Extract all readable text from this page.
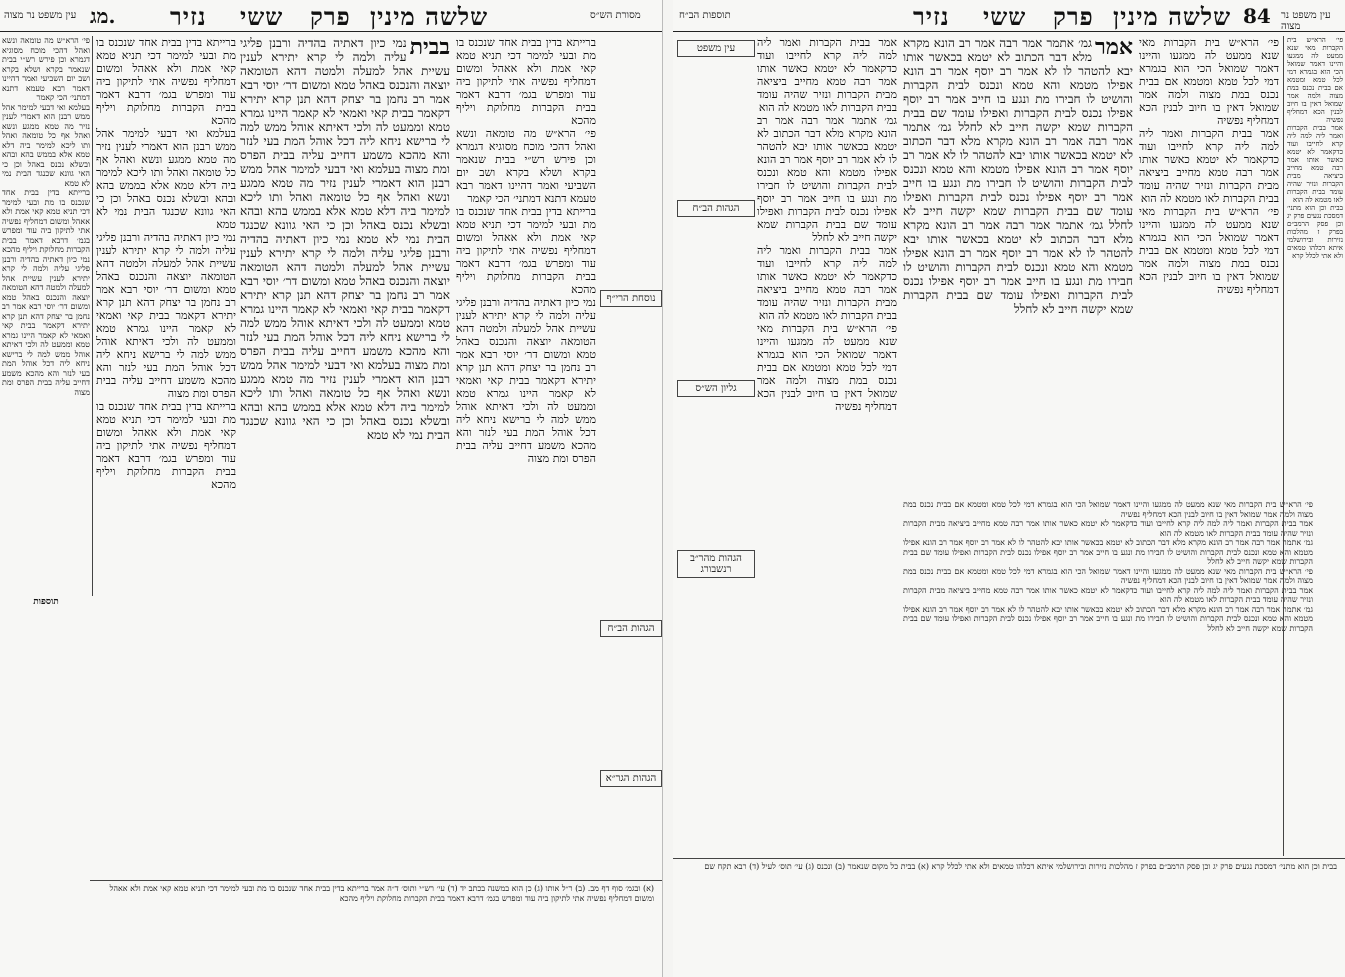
עין משפט נר מצוה מג. נזיר ששי פרק שלשה מינין	מסורת הש״ס
פי׳ הרא״ש מה טומאה ונשא ואהל דהכי מוכח מסוגיא דגמרא וכן פירש רש״י בבית שנאמר בקרא ושלא בקרא ושב יום השביעי ואמר דהיינו דאמר רבא טעמא דתנא דמתני׳ הכי קאמר
בעלמא ואי דבעי למימר אהל ממש רבנן הוא דאמרי לענין נזיר מה טמא ממגע ונשא ואהל אף כל טומאה ואהל ותו ליכא למימר ביה דלא טמא אלא בממש בהא ובהא ובשלא נכנס באהל וכן כי האי גוונא שכנגד הבית נמי לא טמא
ברייתא בדין בבית אחד שנכנס בו מת ובעי למימר דכי תניא טמא קאי אמת ולא אאהל ומשום דמחליף נפשיה אתי לתיקון ביה עוד ומפרש בגמ׳ דרבא דאמר בבית הקברות מחלוקת ויליף מהכא
נמי כיון דאתיה בהדיה ורבנן פליגי עליה ולמה לי קרא יתירא לענין עשיית אהל למעלה ולמטה דהא הטומאה יוצאה והנכנס באהל טמא ומשום דר׳ יוסי רבא אמר רב נחמן בר יצחק דהא תנן קרא יתירא דקאמר בבית קאי ואמאי לא קאמר היינו גמרא טמא וממעט לה ולכי דאיתא אוהל ממש למה לי ברישא ניחא ליה דכל אוהל המת בעי לנזר והא מהכא משמע דחייב עליה בבית הפרס ומת מצוה
ברייתא בדין בבית אחד שנכנס בו מת ובעי למימר דכי תניא טמא קאי אמת ולא אאהל ומשום דמחליף נפשיה אתי לתיקון ביה עוד ומפרש בגמ׳ דרבא דאמר בבית הקברות מחלוקת ויליף מהכא
בעלמא ואי דבעי למימר אהל ממש רבנן הוא דאמרי לענין נזיר מה טמא ממגע ונשא ואהל אף כל טומאה ואהל ותו ליכא למימר ביה דלא טמא אלא בממש בהא ובהא ובשלא נכנס באהל וכן כי האי גוונא שכנגד הבית נמי לא טמא
נמי כיון דאתיה בהדיה ורבנן פליגי עליה ולמה לי קרא יתירא לענין עשיית אהל למעלה ולמטה דהא הטומאה יוצאה והנכנס באהל טמא ומשום דר׳ יוסי רבא אמר רב נחמן בר יצחק דהא תנן קרא יתירא דקאמר בבית קאי ואמאי לא קאמר היינו גמרא טמא וממעט לה ולכי דאיתא אוהל ממש למה לי ברישא ניחא ליה דכל אוהל המת בעי לנזר והא מהכא משמע דחייב עליה בבית הפרס ומת מצוה
ברייתא בדין בבית אחד שנכנס בו מת ובעי למימר דכי תניא טמא קאי אמת ולא אאהל ומשום דמחליף נפשיה אתי לתיקון ביה עוד ומפרש בגמ׳ דרבא דאמר בבית הקברות מחלוקת ויליף מהכא
בבית
נמי כיון דאתיה בהדיה ורבנן פליגי עליה ולמה לי קרא יתירא לענין עשיית אהל למעלה ולמטה דהא הטומאה יוצאה והנכנס באהל טמא ומשום דר׳ יוסי רבא אמר רב נחמן בר יצחק דהא תנן קרא יתירא דקאמר בבית קאי ואמאי לא קאמר היינו גמרא טמא וממעט לה ולכי דאיתא אוהל ממש למה לי ברישא ניחא ליה דכל אוהל המת בעי לנזר והא מהכא משמע דחייב עליה בבית הפרס ומת מצוה בעלמא ואי דבעי למימר אהל ממש רבנן הוא דאמרי לענין נזיר מה טמא ממגע ונשא ואהל אף כל טומאה ואהל ותו ליכא למימר ביה דלא טמא אלא בממש בהא ובהא ובשלא נכנס באהל וכן כי האי גוונא שכנגד הבית נמי לא טמא נמי כיון דאתיה בהדיה ורבנן פליגי עליה ולמה לי קרא יתירא לענין עשיית אהל למעלה ולמטה דהא הטומאה יוצאה והנכנס באהל טמא ומשום דר׳ יוסי רבא אמר רב נחמן בר יצחק דהא תנן קרא יתירא דקאמר בבית קאי ואמאי לא קאמר היינו גמרא טמא וממעט לה ולכי דאיתא אוהל ממש למה לי ברישא ניחא ליה דכל אוהל המת בעי לנזר והא מהכא משמע דחייב עליה בבית הפרס ומת מצוה בעלמא ואי דבעי למימר אהל ממש רבנן הוא דאמרי לענין נזיר מה טמא ממגע ונשא ואהל אף כל טומאה ואהל ותו ליכא למימר ביה דלא טמא אלא בממש בהא ובהא ובשלא נכנס באהל וכן כי האי גוונא שכנגד הבית נמי לא טמא
ברייתא בדין בבית אחד שנכנס בו מת ובעי למימר דכי תניא טמא קאי אמת ולא אאהל ומשום דמחליף נפשיה אתי לתיקון ביה עוד ומפרש בגמ׳ דרבא דאמר בבית הקברות מחלוקת ויליף מהכא
פי׳ הרא״ש מה טומאה ונשא ואהל דהכי מוכח מסוגיא דגמרא וכן פירש רש״י בבית שנאמר בקרא ושלא בקרא ושב יום השביעי ואמר דהיינו דאמר רבא טעמא דתנא דמתני׳ הכי קאמר
ברייתא בדין בבית אחד שנכנס בו מת ובעי למימר דכי תניא טמא קאי אמת ולא אאהל ומשום דמחליף נפשיה אתי לתיקון ביה עוד ומפרש בגמ׳ דרבא דאמר בבית הקברות מחלוקת ויליף מהכא
נמי כיון דאתיה בהדיה ורבנן פליגי עליה ולמה לי קרא יתירא לענין עשיית אהל למעלה ולמטה דהא הטומאה יוצאה והנכנס באהל טמא ומשום דר׳ יוסי רבא אמר רב נחמן בר יצחק דהא תנן קרא יתירא דקאמר בבית קאי ואמאי לא קאמר היינו גמרא טמא וממעט לה ולכי דאיתא אוהל ממש למה לי ברישא ניחא ליה דכל אוהל המת בעי לנזר והא מהכא משמע דחייב עליה בבית הפרס ומת מצוה
הגהות הב״ח
נוסחת הרי״ף
הגהות הגר״א
תוספות
(א) ובגמ׳ סוף דף מב. (ב) ר״ל אותו (ג) כן הוא במשנה בכתב יד (ד) עי׳ רש״י ותוס׳ ד״ה אמר ברייתא בדין בבית אחד שנכנס בו מת ובעי למימר דכי תניא טמא קאי אמת ולא אאהל ומשום דמחליף נפשיה אתי לתיקון ביה עוד ומפרש בגמ׳ דרבא דאמר בבית הקברות מחלוקת ויליף מהכא
תוספות הב״ח	נזיר ששי פרק שלשה מינין 84 עין משפט נר מצוה
אמר בבית הקברות ואמר ליה למה ליה קרא לחייבו ועוד כדקאמר לא יטמא כאשר אותו אמר רבה טמא מחייב ביציאה מבית הקברות ונזיר שהיה עומד בבית הקברות לאו מטמא לה הוא
גמ׳ אתמר אמר רבה אמר רב הונא מקרא מלא דבר הכתוב לא יטמא בכאשר אותו יבא להטהר לו לא אמר רב יוסף אמר רב הונא אפילו מטמא והא טמא ונכנס לבית הקברות והושיט לו חבירו מת ונגע בו חייב אמר רב יוסף אפילו נכנס לבית הקברות ואפילו עומד שם בבית הקברות שמא יקשה חייב לא לחלל
אמר בבית הקברות ואמר ליה למה ליה קרא לחייבו ועוד כדקאמר לא יטמא כאשר אותו אמר רבה טמא מחייב ביציאה מבית הקברות ונזיר שהיה עומד בבית הקברות לאו מטמא לה הוא
פי׳ הרא״ש בית הקברות מאי שנא ממעט לה ממגעו והיינו דאמר שמואל הכי הוא בגמרא דמי לכל טמא ומטמא אם בבית נכנס במת מצוה ולמה אמר שמואל דאין בו חיוב לבנין הכא דמחליף נפשיה
עין משפט
הגהות הב״ח
גליון הש״ס
הגהות מהר״ב רנשבורג
אמר
גמ׳ אתמר אמר רבה אמר רב הונא מקרא מלא דבר הכתוב לא יטמא בכאשר אותו יבא להטהר לו לא אמר רב יוסף אמר רב הונא אפילו מטמא והא טמא ונכנס לבית הקברות והושיט לו חבירו מת ונגע בו חייב אמר רב יוסף אפילו נכנס לבית הקברות ואפילו עומד שם בבית הקברות שמא יקשה חייב לא לחלל גמ׳ אתמר אמר רבה אמר רב הונא מקרא מלא דבר הכתוב לא יטמא בכאשר אותו יבא להטהר לו לא אמר רב יוסף אמר רב הונא אפילו מטמא והא טמא ונכנס לבית הקברות והושיט לו חבירו מת ונגע בו חייב אמר רב יוסף אפילו נכנס לבית הקברות ואפילו עומד שם בבית הקברות שמא יקשה חייב לא לחלל גמ׳ אתמר אמר רבה אמר רב הונא מקרא מלא דבר הכתוב לא יטמא בכאשר אותו יבא להטהר לו לא אמר רב יוסף אמר רב הונא אפילו מטמא והא טמא ונכנס לבית הקברות והושיט לו חבירו מת ונגע בו חייב אמר רב יוסף אפילו נכנס לבית הקברות ואפילו עומד שם בבית הקברות שמא יקשה חייב לא לחלל
פי׳ הרא״ש בית הקברות מאי שנא ממעט לה ממגעו והיינו דאמר שמואל הכי הוא בגמרא דמי לכל טמא ומטמא אם בבית נכנס במת מצוה ולמה אמר שמואל דאין בו חיוב לבנין הכא דמחליף נפשיה
אמר בבית הקברות ואמר ליה למה ליה קרא לחייבו ועוד כדקאמר לא יטמא כאשר אותו אמר רבה טמא מחייב ביציאה מבית הקברות ונזיר שהיה עומד בבית הקברות לאו מטמא לה הוא
גמ׳ אתמר אמר רבה אמר רב הונא מקרא מלא דבר הכתוב לא יטמא בכאשר אותו יבא להטהר לו לא אמר רב יוסף אמר רב הונא אפילו מטמא והא טמא ונכנס לבית הקברות והושיט לו חבירו מת ונגע בו חייב אמר רב יוסף אפילו נכנס לבית הקברות ואפילו עומד שם בבית הקברות שמא יקשה חייב לא לחלל
פי׳ הרא״ש בית הקברות מאי שנא ממעט לה ממגעו והיינו דאמר שמואל הכי הוא בגמרא דמי לכל טמא ומטמא אם בבית נכנס במת מצוה ולמה אמר שמואל דאין בו חיוב לבנין הכא דמחליף נפשיה
אמר בבית הקברות ואמר ליה למה ליה קרא לחייבו ועוד כדקאמר לא יטמא כאשר אותו אמר רבה טמא מחייב ביציאה מבית הקברות ונזיר שהיה עומד בבית הקברות לאו מטמא לה הוא
גמ׳ אתמר אמר רבה אמר רב הונא מקרא מלא דבר הכתוב לא יטמא בכאשר אותו יבא להטהר לו לא אמר רב יוסף אמר רב הונא אפילו מטמא והא טמא ונכנס לבית הקברות והושיט לו חבירו מת ונגע בו חייב אמר רב יוסף אפילו נכנס לבית הקברות ואפילו עומד שם בבית הקברות שמא יקשה חייב לא לחלל
פי׳ הרא״ש בית הקברות מאי שנא ממעט לה ממגעו והיינו דאמר שמואל הכי הוא בגמרא דמי לכל טמא ומטמא אם בבית נכנס במת מצוה ולמה אמר שמואל דאין בו חיוב לבנין הכא דמחליף נפשיה
אמר בבית הקברות ואמר ליה למה ליה קרא לחייבו ועוד כדקאמר לא יטמא כאשר אותו אמר רבה טמא מחייב ביציאה מבית הקברות ונזיר שהיה עומד בבית הקברות לאו מטמא לה הוא
פי׳ הרא״ש בית הקברות מאי שנא ממעט לה ממגעו והיינו דאמר שמואל הכי הוא בגמרא דמי לכל טמא ומטמא אם בבית נכנס במת מצוה ולמה אמר שמואל דאין בו חיוב לבנין הכא דמחליף נפשיה
פי׳ הרא״ש בית הקברות מאי שנא ממעט לה ממגעו והיינו דאמר שמואל הכי הוא בגמרא דמי לכל טמא ומטמא אם בבית נכנס במת מצוה ולמה אמר שמואל דאין בו חיוב לבנין הכא דמחליף נפשיה
אמר בבית הקברות ואמר ליה למה ליה קרא לחייבו ועוד כדקאמר לא יטמא כאשר אותו אמר רבה טמא מחייב ביציאה מבית הקברות ונזיר שהיה עומד בבית הקברות לאו מטמא לה הוא
בבית וכן הוא מתני׳ דמסכת נגעים פרק יג וכן פסק הרמב״ם בפרק ז מהלכות נזירות ובירושלמי איתא דכלהו טמאים ולא אתי לכלל קרא
בבית וכן הוא מתני׳ דמסכת נגעים פרק יג וכן פסק הרמב״ם בפרק ז מהלכות נזירות ובירושלמי איתא דכלהו טמאים ולא אתי לכלל קרא (א) בבית כל מקום שנאמר (ב) ונכנס (ג) עי׳ תוס׳ לעיל (ד) רבא תקח שם
